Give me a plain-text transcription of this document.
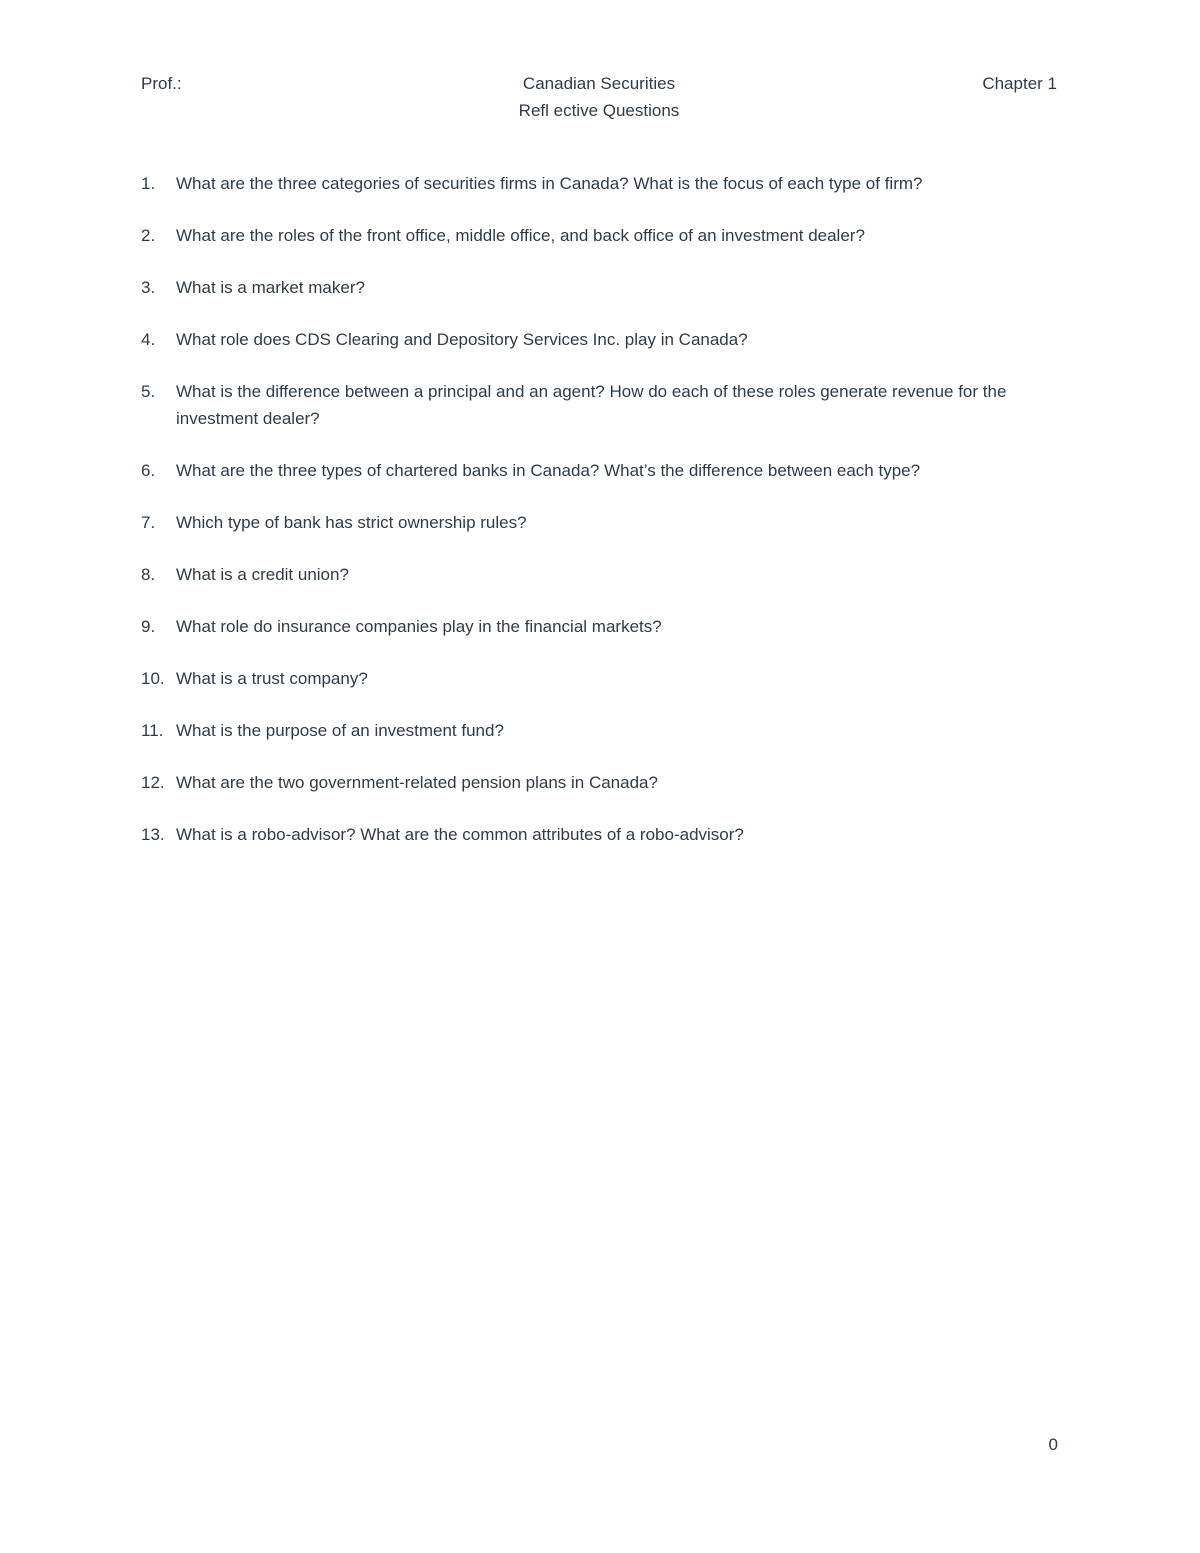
Prof.:	Canadian Securities	Chapter 1
Refl ective Questions
1. What are the three categories of securities firms in Canada? What is the focus of each type of firm?
2. What are the roles of the front office, middle office, and back office of an investment dealer?
3. What is a market maker?
4. What role does CDS Clearing and Depository Services Inc. play in Canada?
5. What is the difference between a principal and an agent? How do each of these roles generate revenue for the investment dealer?
6. What are the three types of chartered banks in Canada? What’s the difference between each type?
7. Which type of bank has strict ownership rules?
8. What is a credit union?
9. What role do insurance companies play in the financial markets?
10. What is a trust company?
11. What is the purpose of an investment fund?
12. What are the two government-related pension plans in Canada?
13. What is a robo-advisor? What are the common attributes of a robo-advisor?
0
